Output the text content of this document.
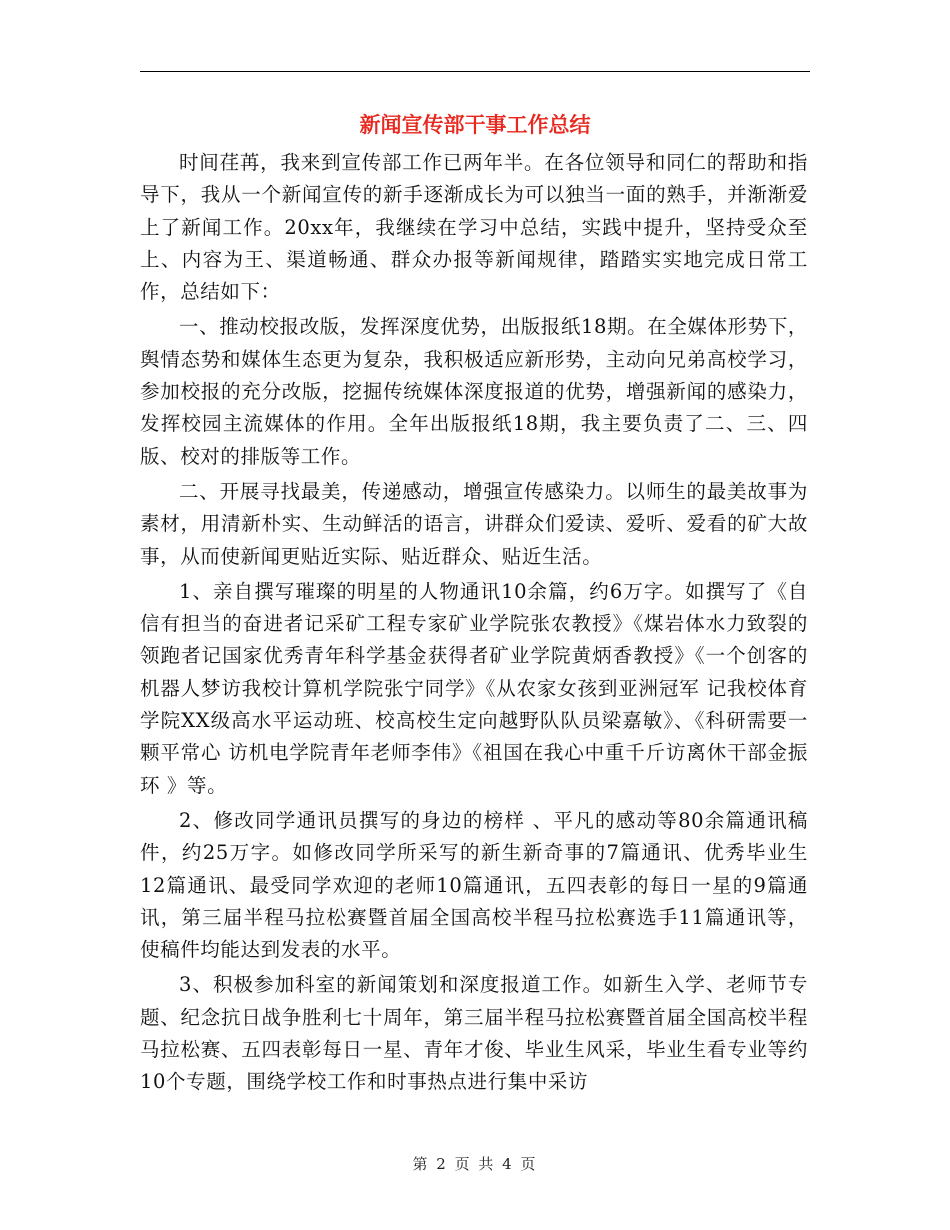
新闻宣传部干事工作总结

时间荏苒，我来到宣传部工作已两年半。在各位领导和同仁的帮助和指导下，我从一个新闻宣传的新手逐渐成长为可以独当一面的熟手，并渐渐爱上了新闻工作。20xx年，我继续在学习中总结，实践中提升，坚持受众至上、内容为王、渠道畅通、群众办报等新闻规律，踏踏实实地完成日常工作，总结如下：

一、推动校报改版，发挥深度优势，出版报纸18期。在全媒体形势下，舆情态势和媒体生态更为复杂，我积极适应新形势，主动向兄弟高校学习，参加校报的充分改版，挖掘传统媒体深度报道的优势，增强新闻的感染力，发挥校园主流媒体的作用。全年出版报纸18期，我主要负责了二、三、四版、校对的排版等工作。

二、开展寻找最美，传递感动，增强宣传感染力。以师生的最美故事为素材，用清新朴实、生动鲜活的语言，讲群众们爱读、爱听、爱看的矿大故事，从而使新闻更贴近实际、贴近群众、贴近生活。

1、亲自撰写璀璨的明星的人物通讯10余篇，约6万字。如撰写了《自信有担当的奋进者记采矿工程专家矿业学院张农教授》《煤岩体水力致裂的领跑者记国家优秀青年科学基金获得者矿业学院黄炳香教授》《一个创客的机器人梦访我校计算机学院张宁同学》《从农家女孩到亚洲冠军 记我校体育学院XX级高水平运动班、校高校生定向越野队队员梁嘉敏》、《科研需要一颗平常心 访机电学院青年老师李伟》《祖国在我心中重千斤访离休干部金振环 》等。

2、修改同学通讯员撰写的身边的榜样 、平凡的感动等80余篇通讯稿件，约25万字。如修改同学所采写的新生新奇事的7篇通讯、优秀毕业生12篇通讯、最受同学欢迎的老师10篇通讯，五四表彰的每日一星的9篇通讯，第三届半程马拉松赛暨首届全国高校半程马拉松赛选手11篇通讯等，使稿件均能达到发表的水平。

3、积极参加科室的新闻策划和深度报道工作。如新生入学、老师节专题、纪念抗日战争胜利七十周年，第三届半程马拉松赛暨首届全国高校半程马拉松赛、五四表彰每日一星、青年才俊、毕业生风采，毕业生看专业等约10个专题，围绕学校工作和时事热点进行集中采访

第 2 页 共 4 页
